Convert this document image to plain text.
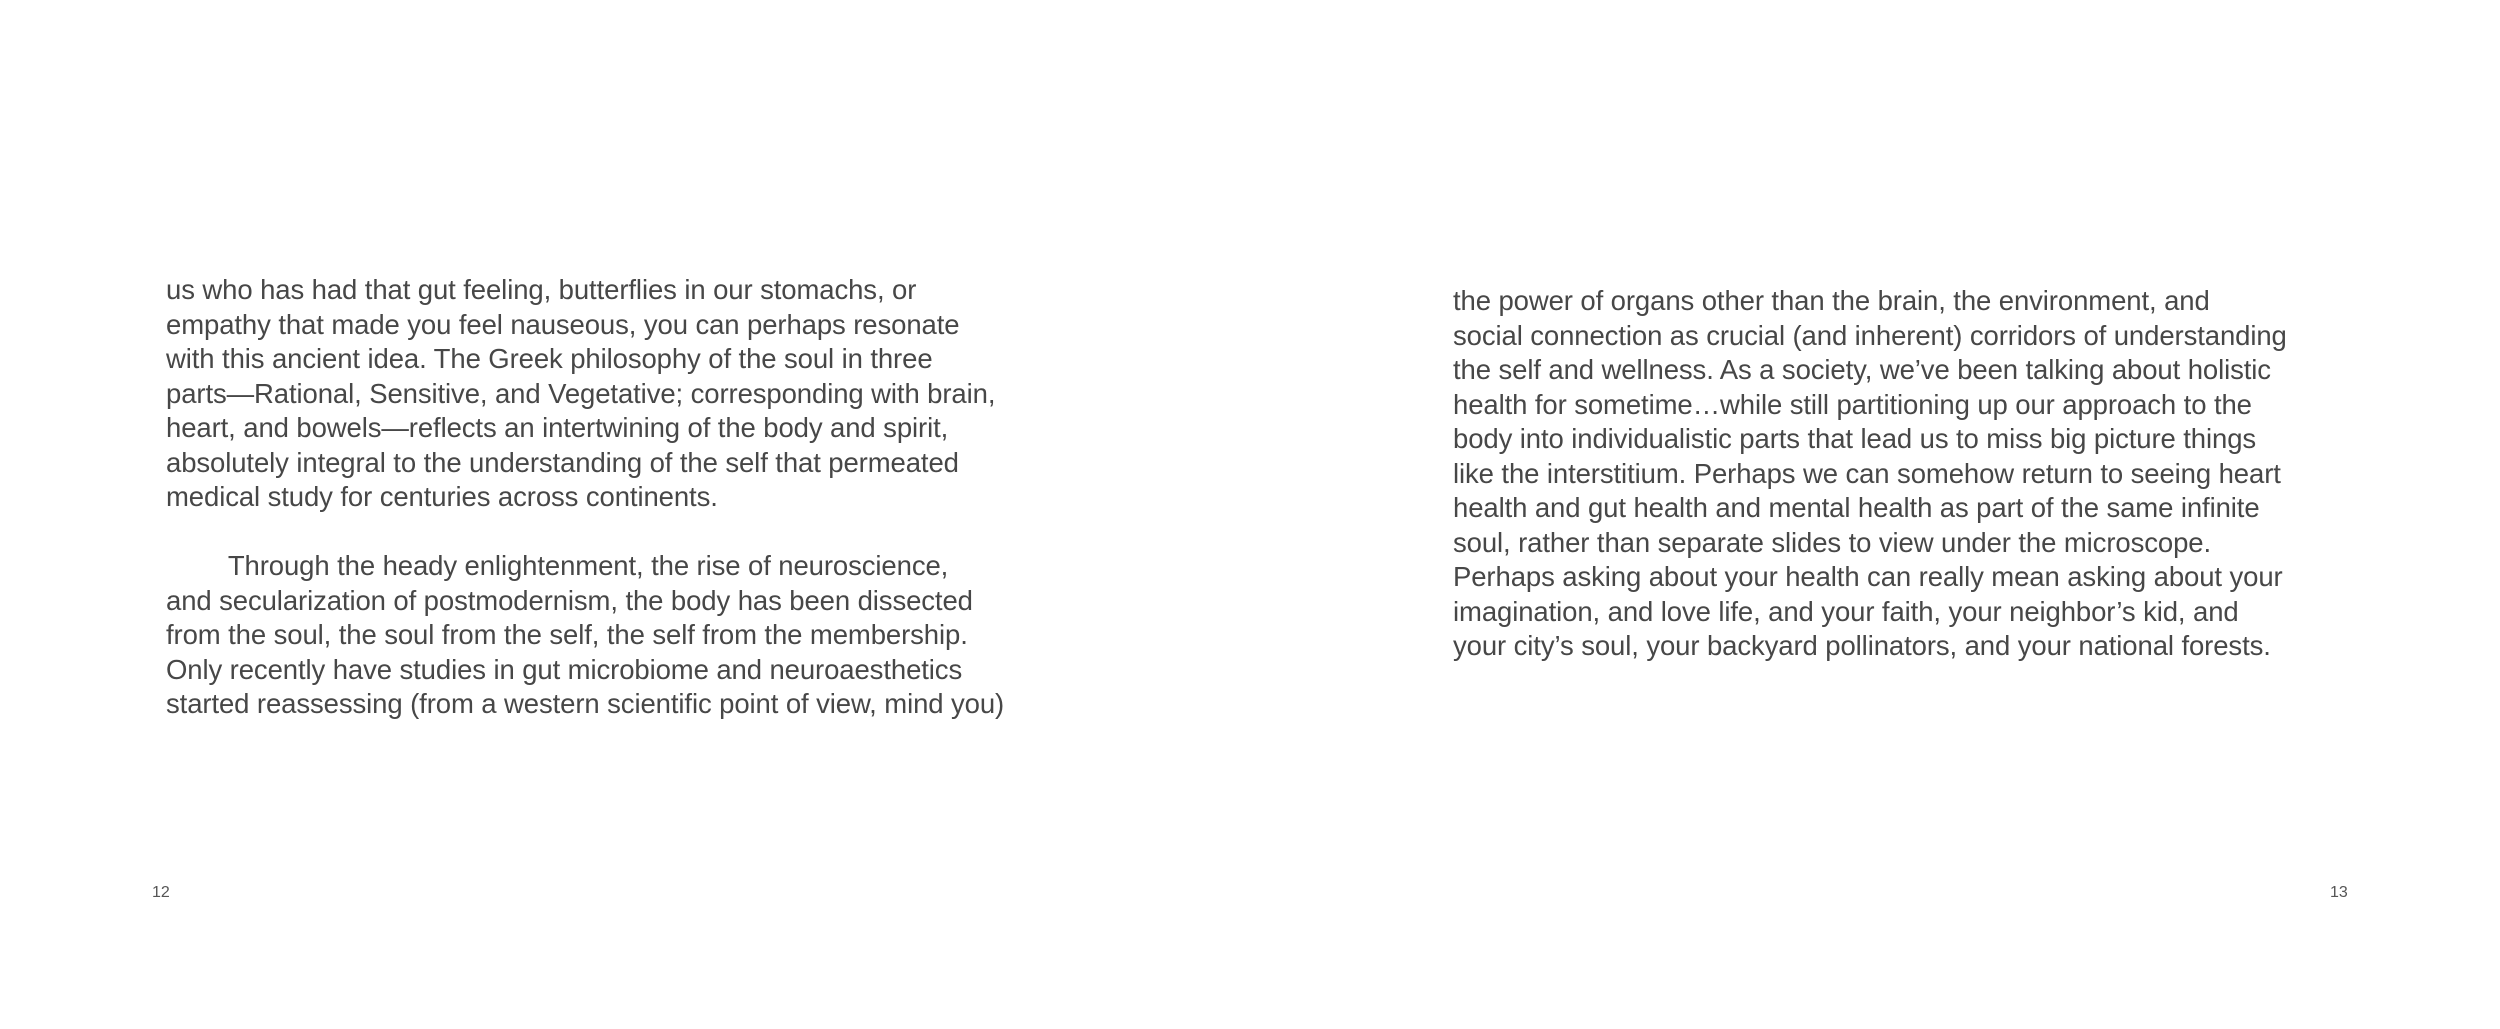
us who has had that gut feeling, butterflies in our stomachs, or
empathy that made you feel nauseous, you can perhaps resonate
with this ancient idea. The Greek philosophy of the soul in three
parts—Rational, Sensitive, and Vegetative; corresponding with brain,
heart, and bowels—reflects an intertwining of the body and spirit,
absolutely integral to the understanding of the self that permeated
medical study for centuries across continents.

   Through the heady enlightenment, the rise of neuroscience,
and secularization of postmodernism, the body has been dissected
from the soul, the soul from the self, the self from the membership.
Only recently have studies in gut microbiome and neuroaesthetics
started reassessing (from a western scientific point of view, mind you)

12

the power of organs other than the brain, the environment, and
social connection as crucial (and inherent) corridors of understanding
the self and wellness. As a society, we’ve been talking about holistic
health for sometime…while still partitioning up our approach to the
body into individualistic parts that lead us to miss big picture things
like the interstitium. Perhaps we can somehow return to seeing heart
health and gut health and mental health as part of the same infinite
soul, rather than separate slides to view under the microscope.
Perhaps asking about your health can really mean asking about your
imagination, and love life, and your faith, your neighbor’s kid, and
your city’s soul, your backyard pollinators, and your national forests.

13
